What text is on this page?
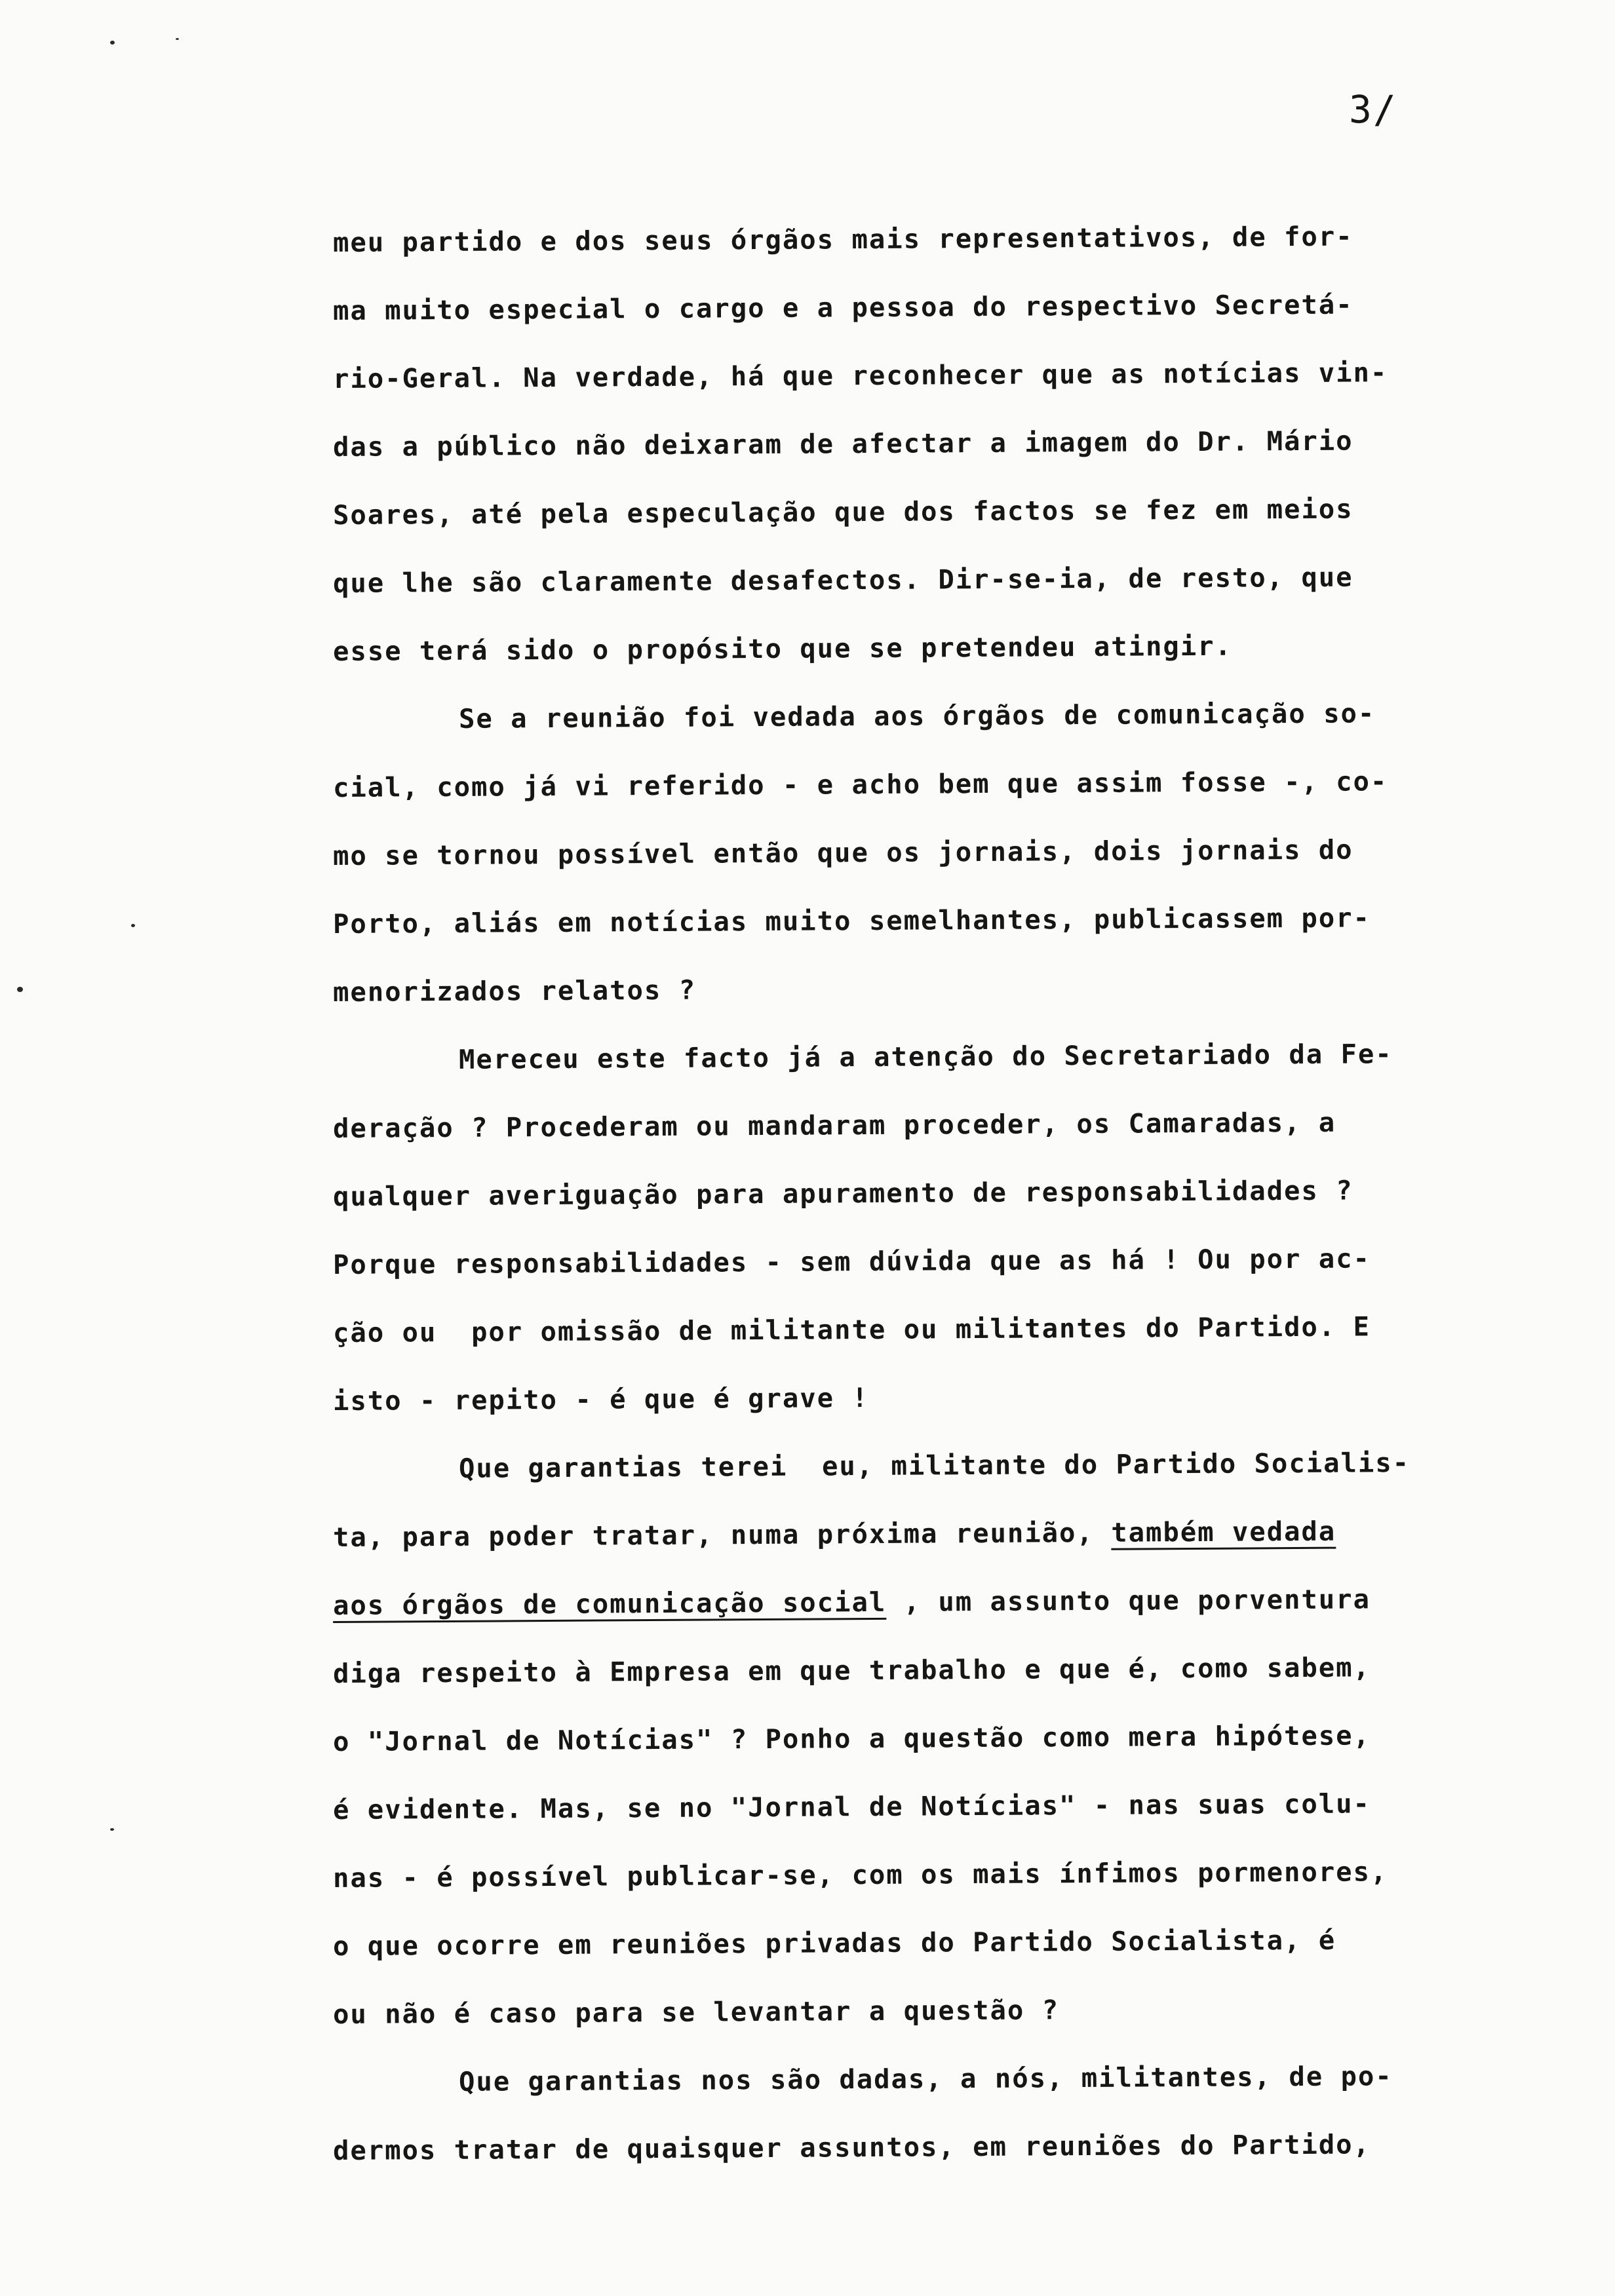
3/
meu partido e dos seus órgãos mais representativos, de for-
ma muito especial o cargo e a pessoa do respectivo Secretá-
rio-Geral. Na verdade, há que reconhecer que as notícias vin-
das a público não deixaram de afectar a imagem do Dr. Mário
Soares, até pela especulação que dos factos se fez em meios
que lhe são claramente desafectos. Dir-se-ia, de resto, que
esse terá sido o propósito que se pretendeu atingir.
Se a reunião foi vedada aos órgãos de comunicação so-
cial, como já vi referido - e acho bem que assim fosse -, co-
mo se tornou possível então que os jornais, dois jornais do
Porto, aliás em notícias muito semelhantes, publicassem por-
menorizados relatos ?
Mereceu este facto já a atenção do Secretariado da Fe-
deração ? Procederam ou mandaram proceder, os Camaradas, a
qualquer averiguação para apuramento de responsabilidades ?
Porque responsabilidades - sem dúvida que as há ! Ou por ac-
ção ou  por omissão de militante ou militantes do Partido. E
isto - repito - é que é grave !
Que garantias terei  eu, militante do Partido Socialis-
ta, para poder tratar, numa próxima reunião, também vedada
aos órgãos de comunicação social , um assunto que porventura
diga respeito à Empresa em que trabalho e que é, como sabem,
o "Jornal de Notícias" ? Ponho a questão como mera hipótese,
é evidente. Mas, se no "Jornal de Notícias" - nas suas colu-
nas - é possível publicar-se, com os mais ínfimos pormenores,
o que ocorre em reuniões privadas do Partido Socialista, é
ou não é caso para se levantar a questão ?
Que garantias nos são dadas, a nós, militantes, de po-
dermos tratar de quaisquer assuntos, em reuniões do Partido,
